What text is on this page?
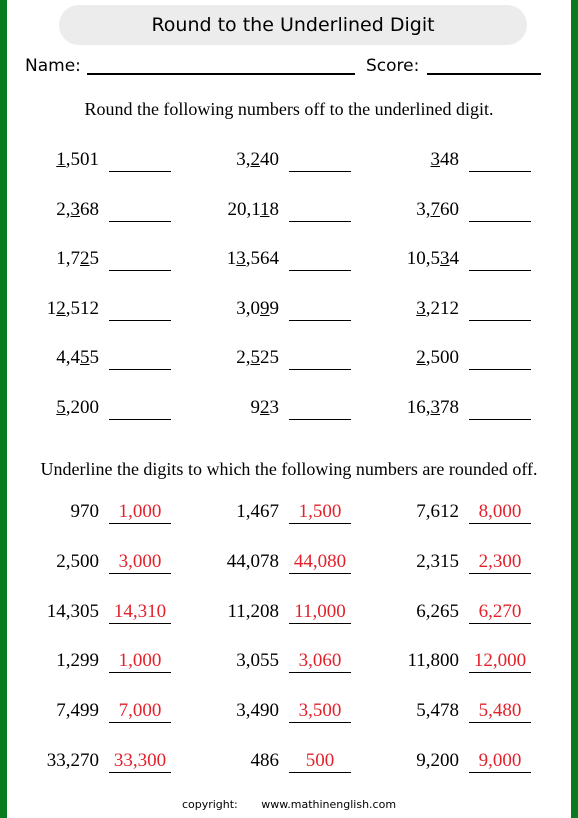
Round to the Underlined Digit
Name:	Score:
Round the following numbers off to the underlined digit.
1,501	3,240	348
2,368	20,118	3,760
1,725	13,564	10,534
12,512	3,099	3,212
4,455	2,525	2,500
5,200	923	16,378
Underline the digits to which the following numbers are rounded off.
970	1,000	1,467	1,500	7,612	8,000
2,500	3,000	44,078 44,080	2,315	2,300
14,305 14,310	11,208 11,000	6,265	6,270
1,299	1,000	3,055	3,060	11,800 12,000
7,499	7,000	3,490	3,500	5,478	5,480
33,270 33,300	486	500	9,200	9,000
copyright: www.mathinenglish.com
